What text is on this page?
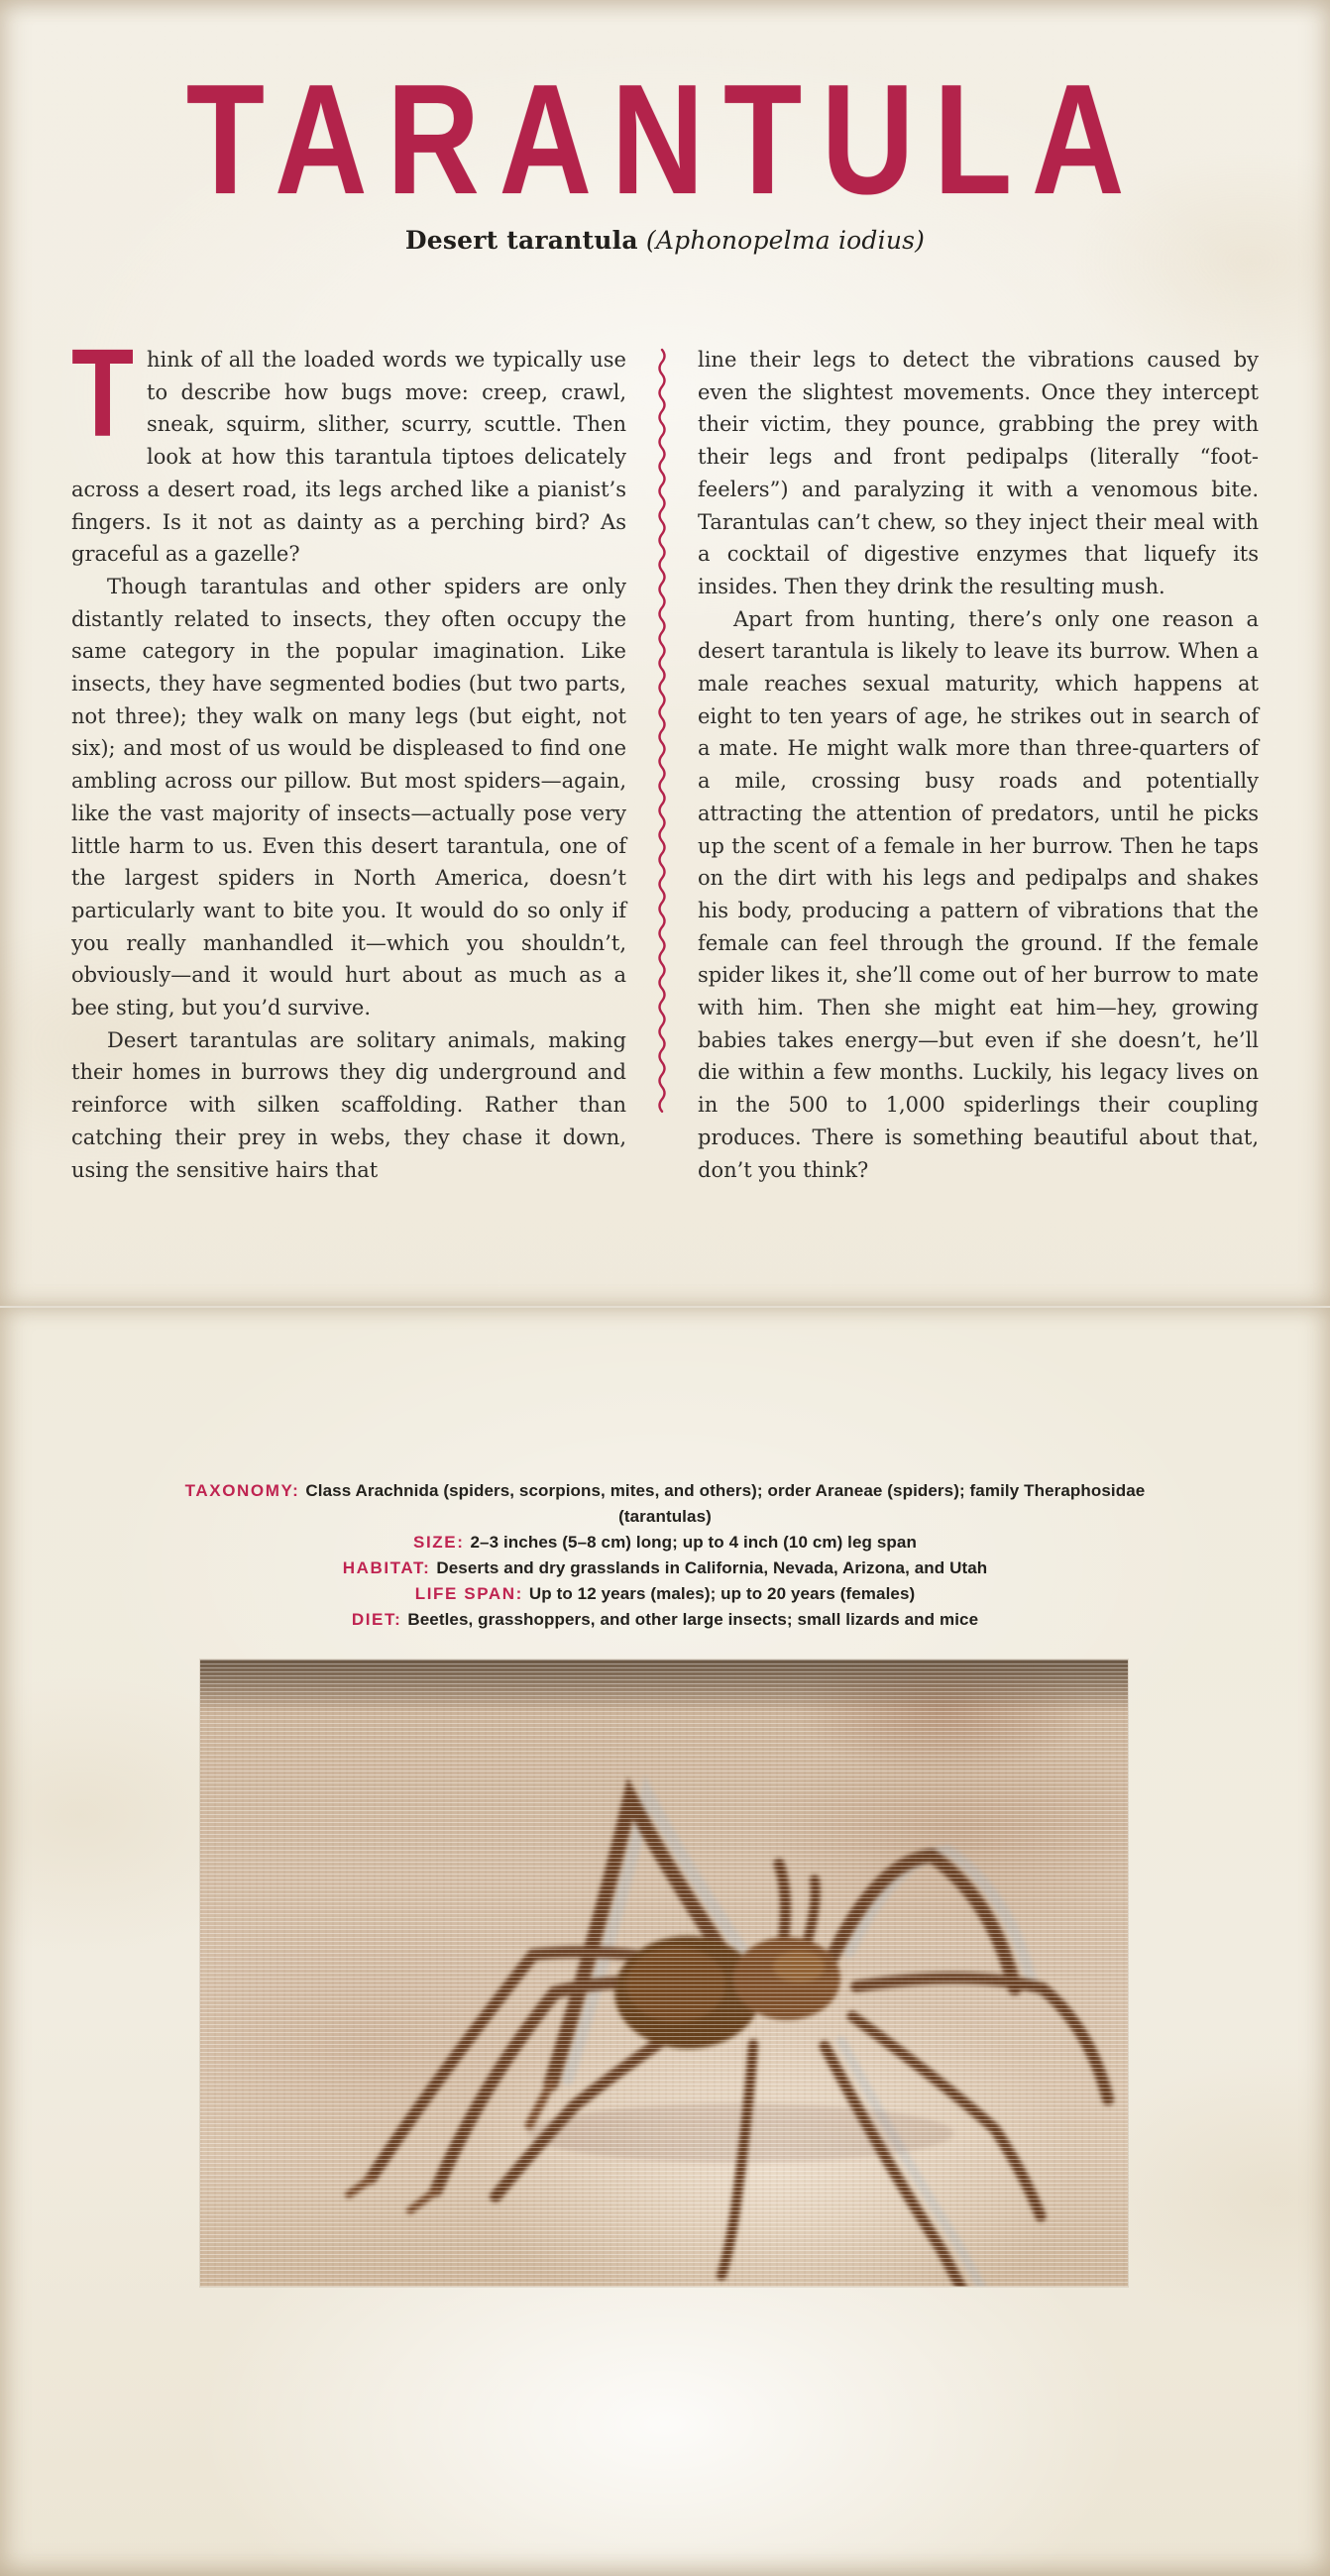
TARANTULA

Desert tarantula (Aphonopelma iodius)

Think of all the loaded words we typically use to describe how bugs move: creep, crawl, sneak, squirm, slither, scurry, scuttle. Then look at how this tarantula tiptoes delicately across a desert road, its legs arched like a pianist’s fingers. Is it not as dainty as a perching bird? As graceful as a gazelle?

Though tarantulas and other spiders are only distantly related to insects, they often occupy the same category in the popular imagination. Like insects, they have segmented bodies (but two parts, not three); they walk on many legs (but eight, not six); and most of us would be displeased to find one ambling across our pillow. But most spiders—again, like the vast majority of insects—actually pose very little harm to us. Even this desert tarantula, one of the largest spiders in North America, doesn’t particularly want to bite you. It would do so only if you really manhandled it—which you shouldn’t, obviously—and it would hurt about as much as a bee sting, but you’d survive.

Desert tarantulas are solitary animals, making their homes in burrows they dig underground and reinforce with silken scaffolding. Rather than catching their prey in webs, they chase it down, using the sensitive hairs that

line their legs to detect the vibrations caused by even the slightest movements. Once they intercept their victim, they pounce, grabbing the prey with their legs and front pedipalps (literally “foot-feelers”) and paralyzing it with a venomous bite. Tarantulas can’t chew, so they inject their meal with a cocktail of digestive enzymes that liquefy its insides. Then they drink the resulting mush.

Apart from hunting, there’s only one reason a desert tarantula is likely to leave its burrow. When a male reaches sexual maturity, which happens at eight to ten years of age, he strikes out in search of a mate. He might walk more than three-quarters of a mile, crossing busy roads and potentially attracting the attention of predators, until he picks up the scent of a female in her burrow. Then he taps on the dirt with his legs and pedipalps and shakes his body, producing a pattern of vibrations that the female can feel through the ground. If the female spider likes it, she’ll come out of her burrow to mate with him. Then she might eat him—hey, growing babies takes energy—but even if she doesn’t, he’ll die within a few months. Luckily, his legacy lives on in the 500 to 1,000 spiderlings their coupling produces. There is something beautiful about that, don’t you think?

TAXONOMY: Class Arachnida (spiders, scorpions, mites, and others); order Araneae (spiders); family Theraphosidae (tarantulas)
SIZE: 2–3 inches (5–8 cm) long; up to 4 inch (10 cm) leg span
HABITAT: Deserts and dry grasslands in California, Nevada, Arizona, and Utah
LIFE SPAN: Up to 12 years (males); up to 20 years (females)
DIET: Beetles, grasshoppers, and other large insects; small lizards and mice
